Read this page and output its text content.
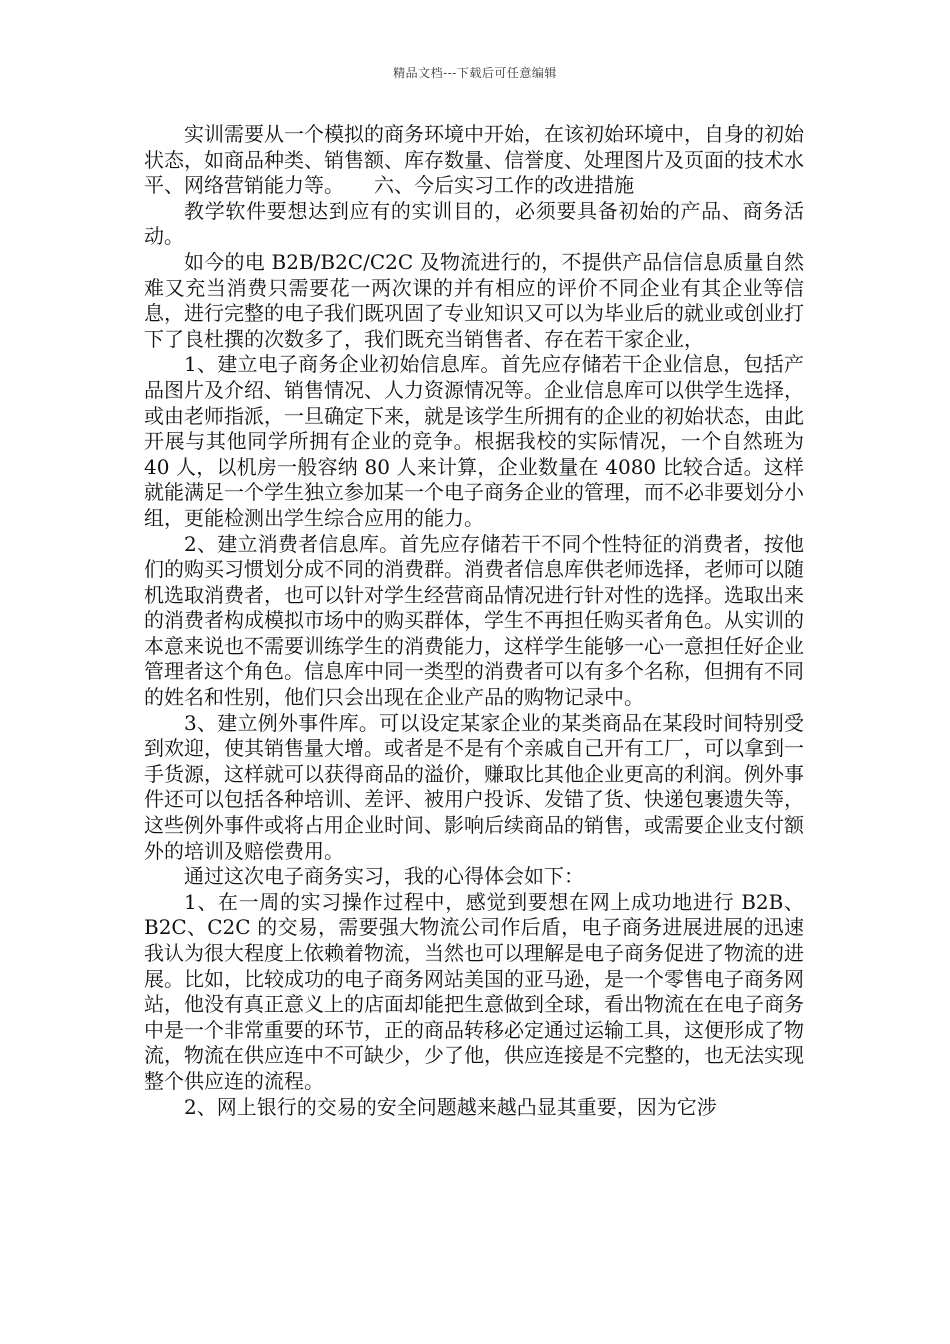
精品文档---下载后可任意编辑

实训需要从一个模拟的商务环境中开始，在该初始环境中，自身的初始状态，如商品种类、销售额、库存数量、信誉度、处理图片及页面的技术水平、网络营销能力等。　　六、今后实习工作的改进措施

教学软件要想达到应有的实训目的，必须要具备初始的产品、商务活动。

如今的电 B2B/B2C/C2C 及物流进行的，不提供产品信信息质量自然难又充当消费只需要花一两次课的并有相应的评价不同企业有其企业等信息，进行完整的电子我们既巩固了专业知识又可以为毕业后的就业或创业打下了良杜撰的次数多了，我们既充当销售者、存在若干家企业，

1、建立电子商务企业初始信息库。首先应存储若干企业信息，包括产品图片及介绍、销售情况、人力资源情况等。企业信息库可以供学生选择，或由老师指派，一旦确定下来，就是该学生所拥有的企业的初始状态，由此开展与其他同学所拥有企业的竞争。根据我校的实际情况，一个自然班为 40 人，以机房一般容纳 80 人来计算，企业数量在 4080 比较合适。这样就能满足一个学生独立参加某一个电子商务企业的管理，而不必非要划分小组，更能检测出学生综合应用的能力。

2、建立消费者信息库。首先应存储若干不同个性特征的消费者，按他们的购买习惯划分成不同的消费群。消费者信息库供老师选择，老师可以随机选取消费者，也可以针对学生经营商品情况进行针对性的选择。选取出来的消费者构成模拟市场中的购买群体，学生不再担任购买者角色。从实训的本意来说也不需要训练学生的消费能力，这样学生能够一心一意担任好企业管理者这个角色。信息库中同一类型的消费者可以有多个名称，但拥有不同的姓名和性别，他们只会出现在企业产品的购物记录中。

3、建立例外事件库。可以设定某家企业的某类商品在某段时间特别受到欢迎，使其销售量大增。或者是不是有个亲戚自己开有工厂，可以拿到一手货源，这样就可以获得商品的溢价，赚取比其他企业更高的利润。例外事件还可以包括各种培训、差评、被用户投诉、发错了货、快递包裹遗失等，这些例外事件或将占用企业时间、影响后续商品的销售，或需要企业支付额外的培训及赔偿费用。

通过这次电子商务实习，我的心得体会如下：

1、在一周的实习操作过程中，感觉到要想在网上成功地进行 B2B、B2C、C2C 的交易，需要强大物流公司作后盾，电子商务进展进展的迅速我认为很大程度上依赖着物流，当然也可以理解是电子商务促进了物流的进展。比如，比较成功的电子商务网站美国的亚马逊，是一个零售电子商务网站，他没有真正意义上的店面却能把生意做到全球，看出物流在在电子商务中是一个非常重要的环节，正的商品转移必定通过运输工具，这便形成了物流，物流在供应连中不可缺少，少了他，供应连接是不完整的，也无法实现整个供应连的流程。

2、网上银行的交易的安全问题越来越凸显其重要，因为它涉
